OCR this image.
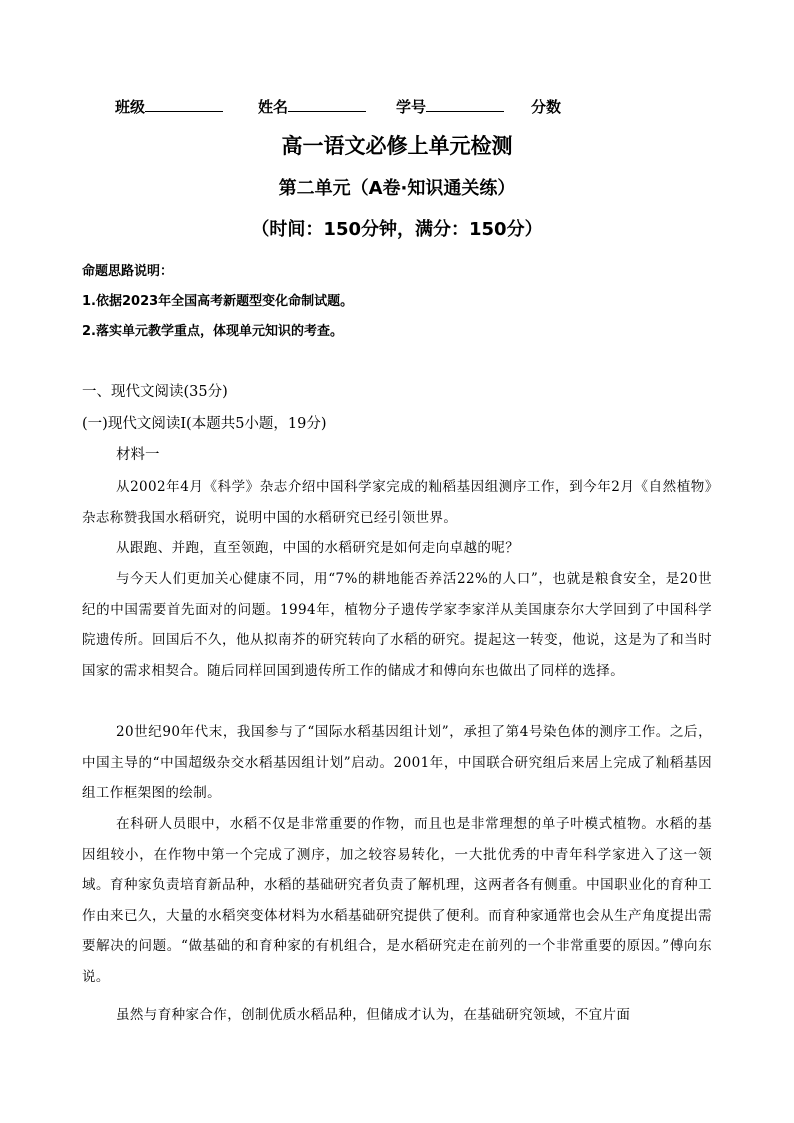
班级	姓名	学号	分数
高一语文必修上单元检测
第二单元（A卷·知识通关练）
（时间：150分钟，满分：150分）
命题思路说明：
1.依据2023年全国高考新题型变化命制试题。
2.落实单元教学重点，体现单元知识的考查。
一、现代文阅读(35分)
(一)现代文阅读Ⅰ(本题共5小题，19分)
材料一
从2002年4月《科学》杂志介绍中国科学家完成的籼稻基因组测序工作，到今年2月《自然植物》杂志称赞我国水稻研究，说明中国的水稻研究已经引领世界。
从跟跑、并跑，直至领跑，中国的水稻研究是如何走向卓越的呢？
与今天人们更加关心健康不同，用“7%的耕地能否养活22%的人口”，也就是粮食安全，是20世纪的中国需要首先面对的问题。1994年，植物分子遗传学家李家洋从美国康奈尔大学回到了中国科学院遗传所。回国后不久，他从拟南芥的研究转向了水稻的研究。提起这一转变，他说，这是为了和当时国家的需求相契合。随后同样回国到遗传所工作的储成才和傅向东也做出了同样的选择。
20世纪90年代末，我国参与了“国际水稻基因组计划”，承担了第4号染色体的测序工作。之后，中国主导的“中国超级杂交水稻基因组计划”启动。2001年，中国联合研究组后来居上完成了籼稻基因组工作框架图的绘制。
在科研人员眼中，水稻不仅是非常重要的作物，而且也是非常理想的单子叶模式植物。水稻的基因组较小，在作物中第一个完成了测序，加之较容易转化，一大批优秀的中青年科学家进入了这一领域。育种家负责培育新品种，水稻的基础研究者负责了解机理，这两者各有侧重。中国职业化的育种工作由来已久，大量的水稻突变体材料为水稻基础研究提供了便利。而育种家通常也会从生产角度提出需要解决的问题。“做基础的和育种家的有机组合，是水稻研究走在前列的一个非常重要的原因。”傅向东说。
虽然与育种家合作，创制优质水稻品种，但储成才认为，在基础研究领域，不宜片面
